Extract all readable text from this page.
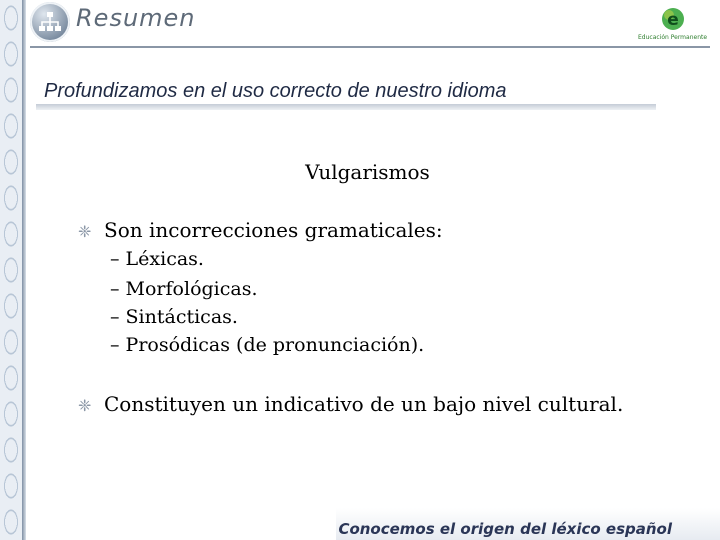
Resumen	e
Educación Permanente
Profundizamos en el uso correcto de nuestro idioma
Vulgarismos
❈ Son incorrecciones gramaticales:
– Léxicas.
– Morfológicas.
– Sintácticas.
– Prosódicas (de pronunciación).
❈ Constituyen un indicativo de un bajo nivel cultural.
Conocemos el origen del léxico español
